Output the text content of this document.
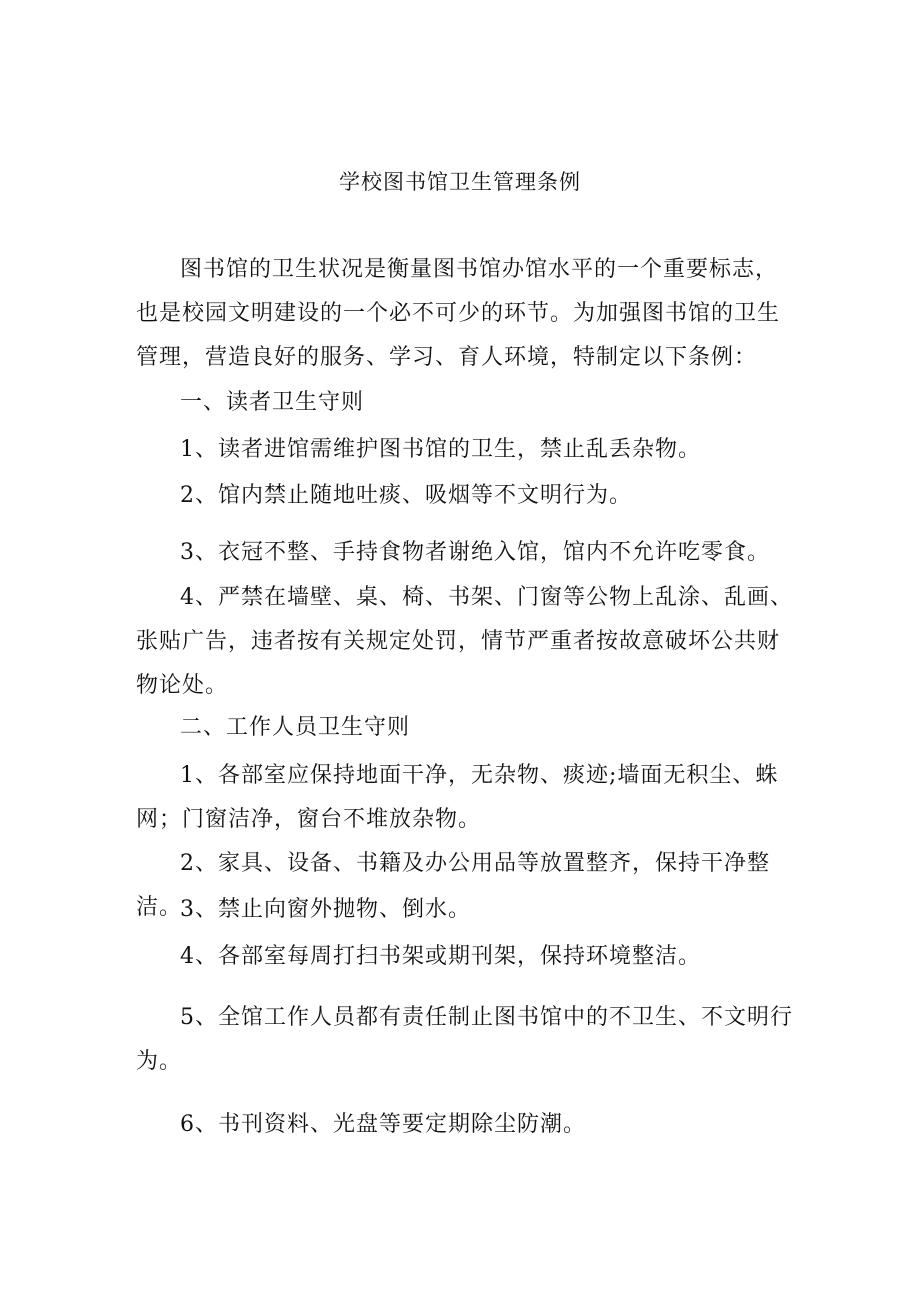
学校图书馆卫生管理条例

图书馆的卫生状况是衡量图书馆办馆水平的一个重要标志，也是校园文明建设的一个必不可少的环节。为加强图书馆的卫生管理，营造良好的服务、学习、育人环境，特制定以下条例：

一、读者卫生守则

1、读者进馆需维护图书馆的卫生，禁止乱丢杂物。

2、馆内禁止随地吐痰、吸烟等不文明行为。

3、衣冠不整、手持食物者谢绝入馆，馆内不允许吃零食。

4、严禁在墙壁、桌、椅、书架、门窗等公物上乱涂、乱画、张贴广告，违者按有关规定处罚，情节严重者按故意破坏公共财物论处。

二、工作人员卫生守则

1、各部室应保持地面干净，无杂物、痰迹;墙面无积尘、蛛网；门窗洁净，窗台不堆放杂物。

2、家具、设备、书籍及办公用品等放置整齐，保持干净整洁。

3、禁止向窗外抛物、倒水。

4、各部室每周打扫书架或期刊架，保持环境整洁。

5、全馆工作人员都有责任制止图书馆中的不卫生、不文明行为。

6、书刊资料、光盘等要定期除尘防潮。
